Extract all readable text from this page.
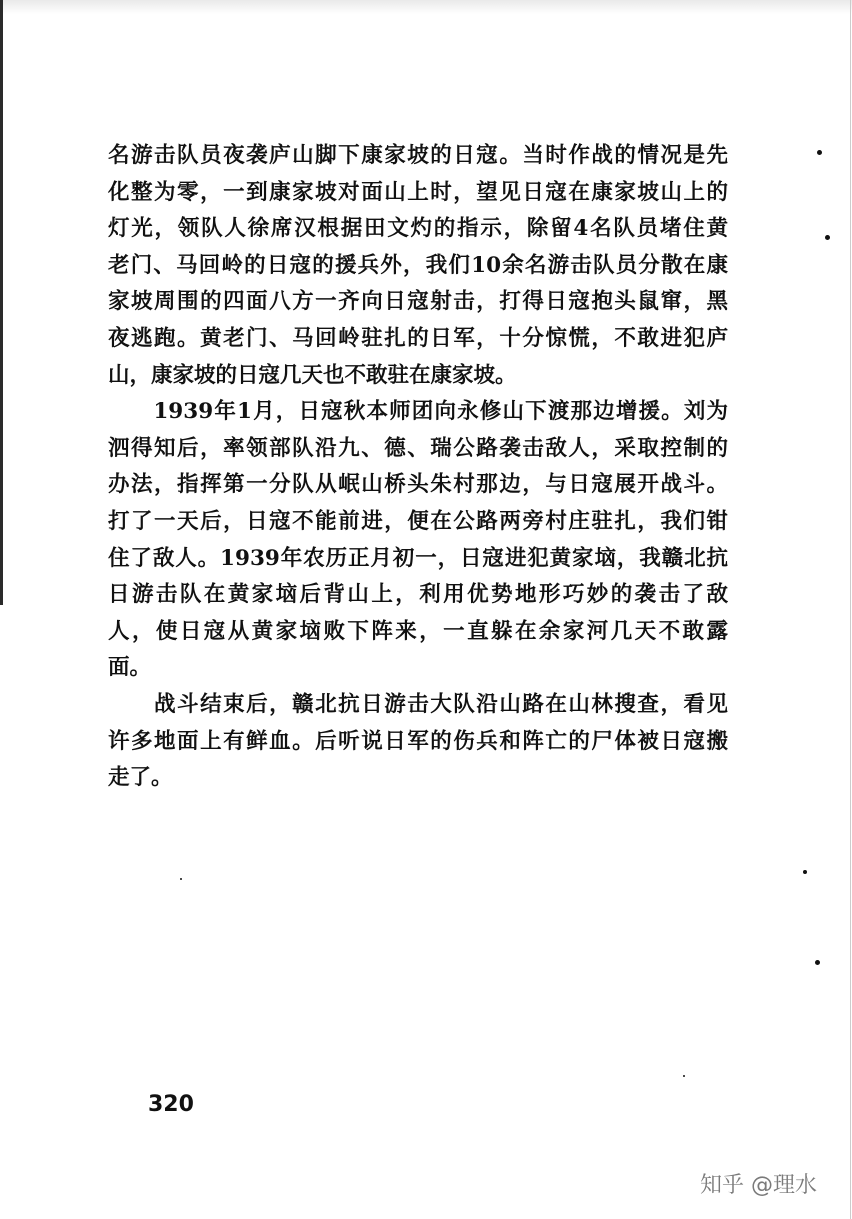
名游击队员夜袭庐山脚下康家坡的日寇。当时作战的情况是先
化整为零，一到康家坡对面山上时，望见日寇在康家坡山上的
灯光，领队人徐席汉根据田文灼的指示，除留4名队员堵住黄
老门、马回岭的日寇的援兵外，我们10余名游击队员分散在康
家坡周围的四面八方一齐向日寇射击，打得日寇抱头鼠窜，黑
夜逃跑。黄老门、马回岭驻扎的日军，十分惊慌，不敢进犯庐
山，康家坡的日寇几天也不敢驻在康家坡。
　　1939年1月，日寇秋本师团向永修山下渡那边增援。刘为
泗得知后，率领部队沿九、德、瑞公路袭击敌人，采取控制的
办法，指挥第一分队从岷山桥头朱村那边，与日寇展开战斗。
打了一天后，日寇不能前进，便在公路两旁村庄驻扎，我们钳
住了敌人。1939年农历正月初一，日寇进犯黄家垴，我赣北抗
日游击队在黄家垴后背山上，利用优势地形巧妙的袭击了敌
人，使日寇从黄家垴败下阵来，一直躲在余家河几天不敢露
面。
　　战斗结束后，赣北抗日游击大队沿山路在山林搜查，看见
许多地面上有鲜血。后听说日军的伤兵和阵亡的尸体被日寇搬
走了。
320
知乎 @理水
